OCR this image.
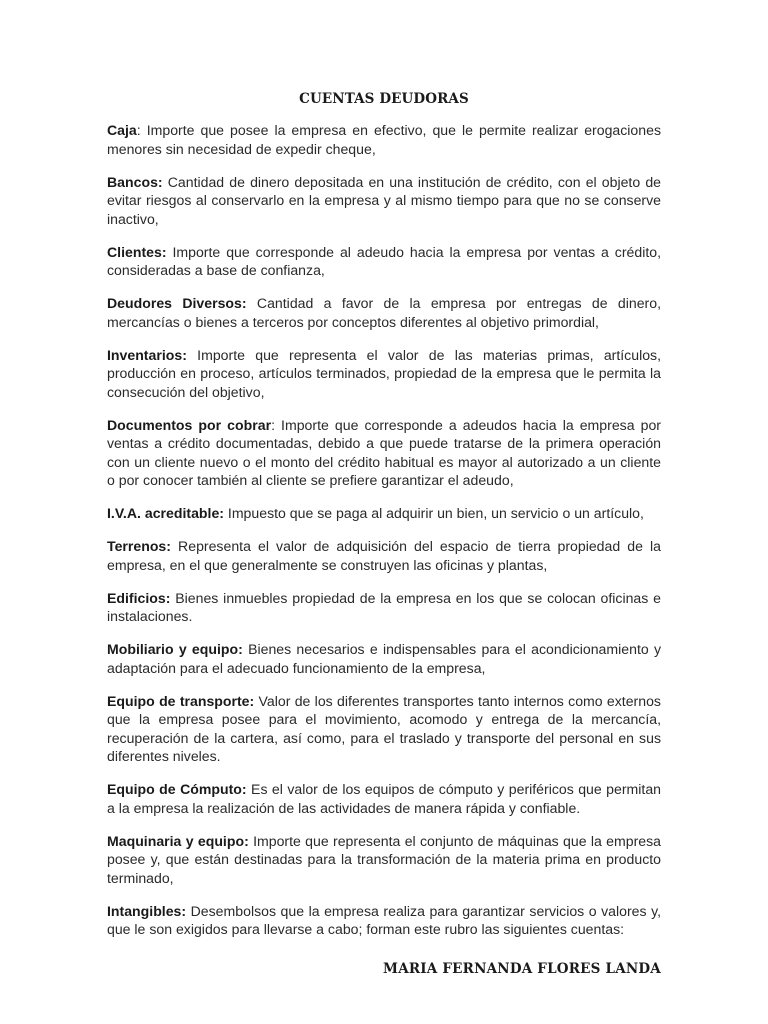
CUENTAS DEUDORAS

Caja: Importe que posee la empresa en efectivo, que le permite realizar erogaciones menores sin necesidad de expedir cheque,

Bancos: Cantidad de dinero depositada en una institución de crédito, con el objeto de evitar riesgos al conservarlo en la empresa y al mismo tiempo para que no se conserve inactivo,

Clientes: Importe que corresponde al adeudo hacia la empresa por ventas a crédito, consideradas a base de confianza,

Deudores Diversos: Cantidad a favor de la empresa por entregas de dinero, mercancías o bienes a terceros por conceptos diferentes al objetivo primordial,

Inventarios: Importe que representa el valor de las materias primas, artículos, producción en proceso, artículos terminados, propiedad de la empresa que le permita la consecución del objetivo,

Documentos por cobrar: Importe que corresponde a adeudos hacia la empresa por ventas a crédito documentadas, debido a que puede tratarse de la primera operación con un cliente nuevo o el monto del crédito habitual es mayor al autorizado a un cliente o por conocer también al cliente se prefiere garantizar el adeudo,

I.V.A. acreditable: Impuesto que se paga al adquirir un bien, un servicio o un artículo,

Terrenos: Representa el valor de adquisición del espacio de tierra propiedad de la empresa, en el que generalmente se construyen las oficinas y plantas,

Edificios: Bienes inmuebles propiedad de la empresa en los que se colocan oficinas e instalaciones.

Mobiliario y equipo: Bienes necesarios e indispensables para el acondicionamiento y adaptación para el adecuado funcionamiento de la empresa,

Equipo de transporte: Valor de los diferentes transportes tanto internos como externos que la empresa posee para el movimiento, acomodo y entrega de la mercancía, recuperación de la cartera, así como, para el traslado y transporte del personal en sus diferentes niveles.

Equipo de Cómputo: Es el valor de los equipos de cómputo y periféricos que permitan a la empresa la realización de las actividades de manera rápida y confiable.

Maquinaria y equipo: Importe que representa el conjunto de máquinas que la empresa posee y, que están destinadas para la transformación de la materia prima en producto terminado,

Intangibles: Desembolsos que la empresa realiza para garantizar servicios o valores y, que le son exigidos para llevarse a cabo; forman este rubro las siguientes cuentas:

MARIA FERNANDA FLORES LANDA
